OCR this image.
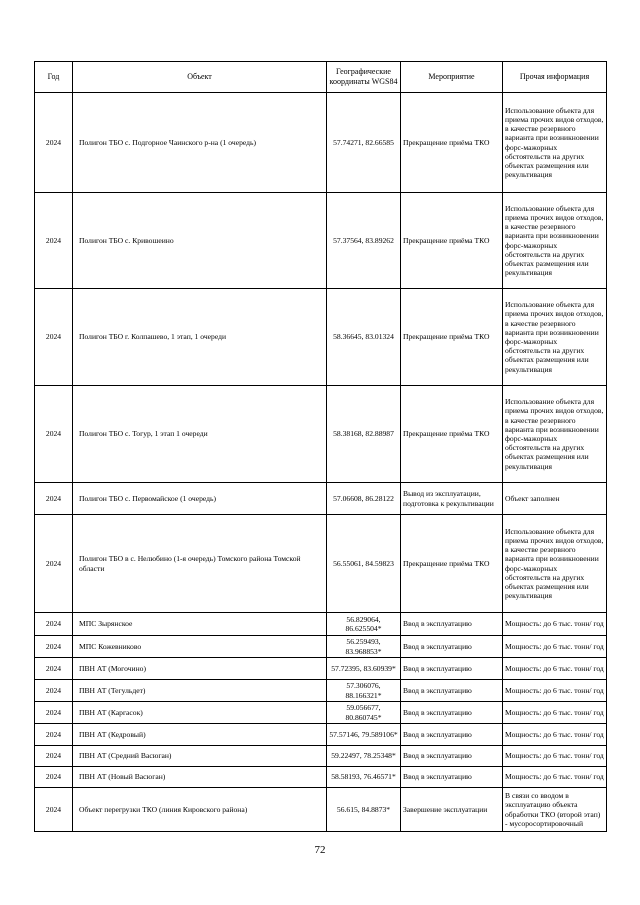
Год	Объект	Географические координаты WGS84	Мероприятие	Прочая информация
2024	Полигон ТБО с. Подгорное Чаинского р-на (1 очередь)	57.74271, 82.66585	Прекращение приёма ТКО	Использование объекта для приема прочих видов отходов, в качестве резервного варианта при возникновении форс-мажорных обстоятельств на других объектах размещения или рекультивация
2024	Полигон ТБО с. Кривошеино	57.37564, 83.89262	Прекращение приёма ТКО	Использование объекта для приема прочих видов отходов, в качестве резервного варианта при возникновении форс-мажорных обстоятельств на других объектах размещения или рекультивация
2024	Полигон ТБО г. Колпашево, 1 этап, 1 очереди	58.36645, 83.01324	Прекращение приёма ТКО	Использование объекта для приема прочих видов отходов, в качестве резервного варианта при возникновении форс-мажорных обстоятельств на других объектах размещения или рекультивация
2024	Полигон ТБО с. Тогур, 1 этап 1 очереди	58.38168, 82.88987	Прекращение приёма ТКО	Использование объекта для приема прочих видов отходов, в качестве резервного варианта при возникновении форс-мажорных обстоятельств на других объектах размещения или рекультивация
2024	Полигон ТБО с. Первомайское (1 очередь)	57.06608, 86.28122	Вывод из эксплуатации, подготовка к рекультивации	Объект заполнен
2024	Полигон ТБО в с. Нелюбино (1-я очередь) Томского района Томской области	56.55061, 84.59823	Прекращение приёма ТКО	Использование объекта для приема прочих видов отходов, в качестве резервного варианта при возникновении форс-мажорных обстоятельств на других объектах размещения или рекультивация
2024	МПС Зырянское	56.829064, 86.625504*	Ввод в эксплуатацию	Мощность: до 6 тыс. тонн/ год
2024	МПС Кожевниково	56.259493, 83.968853*	Ввод в эксплуатацию	Мощность: до 6 тыс. тонн/ год
2024	ПВН АТ (Могочино)	57.72395, 83.60939*	Ввод в эксплуатацию	Мощность: до 6 тыс. тонн/ год
2024	ПВН АТ (Тегульдет)	57.306076, 88.166321*	Ввод в эксплуатацию	Мощность: до 6 тыс. тонн/ год
2024	ПВН АТ (Каргасок)	59.056677, 80.860745*	Ввод в эксплуатацию	Мощность: до 6 тыс. тонн/ год
2024	ПВН АТ (Кедровый)	57.57146, 79.589106*	Ввод в эксплуатацию	Мощность: до 6 тыс. тонн/ год
2024	ПВН АТ (Средний Васюган)	59.22497, 78.25348*	Ввод в эксплуатацию	Мощность: до 6 тыс. тонн/ год
2024	ПВН АТ (Новый Васюган)	58.58193, 76.46571*	Ввод в эксплуатацию	Мощность: до 6 тыс. тонн/ год
2024	Объект перегрузки ТКО (линия Кировского района)	56.615, 84.8873*	Завершение эксплуатации	В связи со вводом в эксплуатацию объекта обработки ТКО (второй этап) - мусоросортировочный
72
